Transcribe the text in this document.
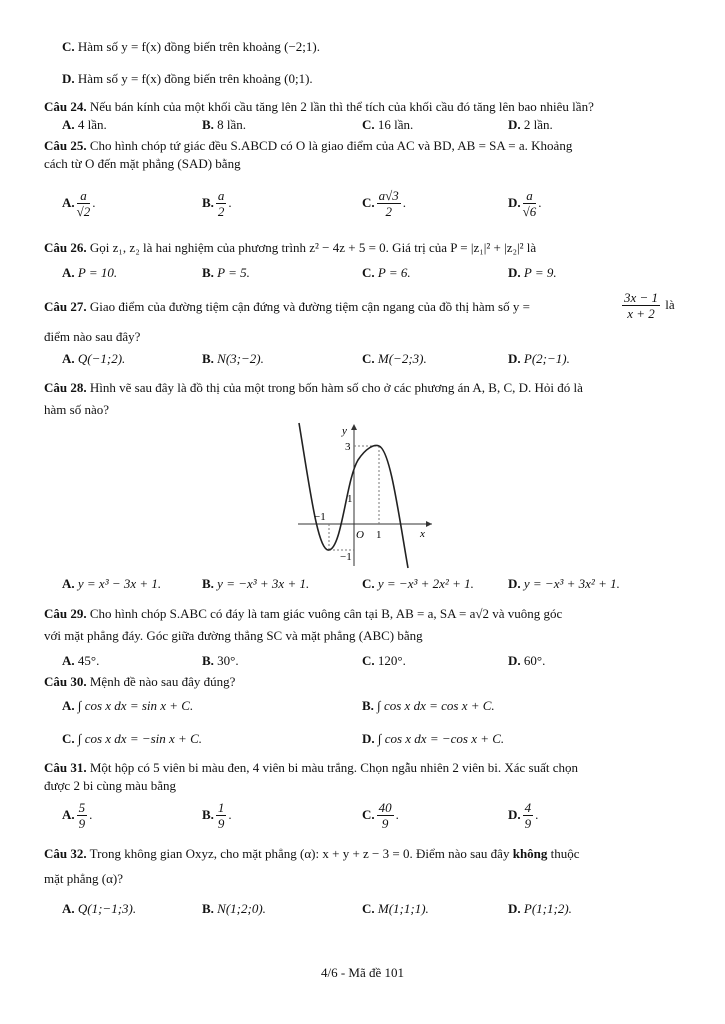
C. Hàm số y = f(x) đồng biến trên khoảng (−2;1).
D. Hàm số y = f(x) đồng biến trên khoảng (0;1).
Câu 24. Nếu bán kính của một khối cầu tăng lên 2 lần thì thể tích của khối cầu đó tăng lên bao nhiêu lần?
A. 4 lần.	B. 8 lần.	C. 16 lần.	D. 2 lần.
Câu 25. Cho hình chóp tứ giác đều S.ABCD có O là giao điểm của AC và BD, AB = SA = a. Khoảng
cách từ O đến mặt phẳng (SAD) bằng
A. $\frac{a}{√2}$ .	B. $\frac{a}{2}$ .	C. $\frac{a√3}{2}$ .	D. $\frac{a}{√6}$ .
Câu 26. Gọi z₁, z₂ là hai nghiệm của phương trình z² − 4z + 5 = 0. Giá trị của P = |z₁|² + |z₂|² là
A. P = 10.	B. P = 5.	C. P = 6.	D. P = 9.
Câu 27. Giao điểm của đường tiệm cận đứng và đường tiệm cận ngang của đồ thị hàm số y =	$\frac{3x - 1}{x + 2}$ là
điểm nào sau đây?
A. Q(−1;2).	B. N(3;−2).	C. M(−2;3).	D. P(2;−1).
Câu 28. Hình vẽ sau đây là đồ thị của một trong bốn hàm số cho ở các phương án A, B, C, D. Hỏi đó là
hàm số nào?
y
x
O
3
1
−1
1
−1
A. y = x³ − 3x + 1.	B. y = −x³ + 3x + 1.	C. y = −x³ + 2x² + 1.	D. y = −x³ + 3x² + 1.
Câu 29. Cho hình chóp S.ABC có đáy là tam giác vuông cân tại B, AB = a, SA = a√2 và vuông góc
với mặt phẳng đáy. Góc giữa đường thẳng SC và mặt phẳng (ABC) bằng
A. 45°.	B. 30°.	C. 120°.	D. 60°.
Câu 30. Mệnh đề nào sau đây đúng?
A. ∫ cos x dx = sin x + C.	B. ∫ cos x dx = cos x + C.
C. ∫ cos x dx = −sin x + C.	D. ∫ cos x dx = −cos x + C.
Câu 31. Một hộp có 5 viên bi màu đen, 4 viên bi màu trắng. Chọn ngẫu nhiên 2 viên bi. Xác suất chọn
được 2 bi cùng màu bằng
A. $\frac{5}{9}$ .	B. $\frac{1}{9}$ .	C. $\frac{40}{9}$ .	D. $\frac{4}{9}$ .
Câu 32. Trong không gian Oxyz, cho mặt phẳng (α): x + y + z − 3 = 0. Điểm nào sau đây không thuộc
mặt phẳng (α)?
A. Q(1;−1;3).	B. N(1;2;0).	C. M(1;1;1).	D. P(1;1;2).
4/6 - Mã đề 101
